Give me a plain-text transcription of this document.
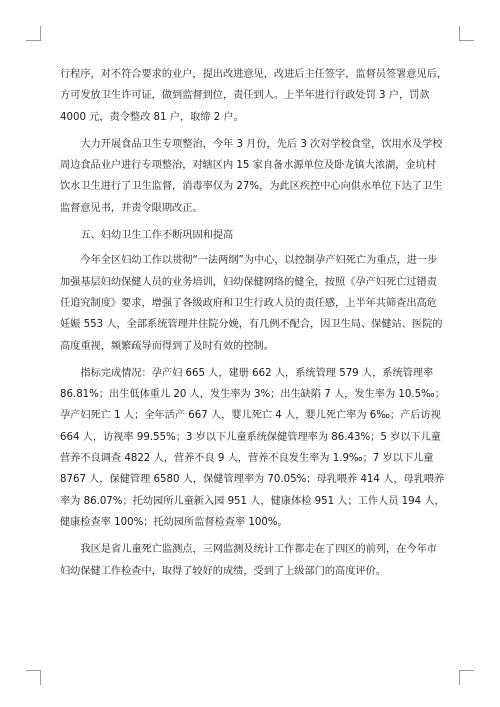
行程序，对不符合要求的业户，提出改进意见，改进后主任签字，监督员签署意见后，
方可发放卫生许可证，做到监督到位，责任到人。上半年进行行政处罚 3 户，罚款
4000 元，责令整改 81 户，取缔 2 户。

大力开展食品卫生专项整治，今年 3 月份，先后 3 次对学校食堂，饮用水及学校
周边食品业户进行专项整治，对辖区内 15 家自备水源单位及卧龙镇大浓湖，金坑村
饮水卫生进行了卫生监督，消毒率仅为 27%，为此区疾控中心向供水单位下达了卫生
监督意见书，并责令限期改正。

五、妇幼卫生工作不断巩固和提高

今年全区妇幼工作以贯彻“一法两纲”为中心，以控制孕产妇死亡为重点，进一步
加强基层妇幼保健人员的业务培训，妇幼保健网络的健全，按照《孕产妇死亡过错责
任追究制度》要求，增强了各级政府和卫生行政人员的责任感，上半年共筛查出高危
妊娠 553 人，全部系统管理并住院分娩，有几例不配合，因卫生局、保健站、医院的
高度重视，频繁疏导而得到了及时有效的控制。

指标完成情况：孕产妇 665 人，建册 662 人，系统管理 579 人，系统管理率
86.81%；出生低体重儿 20 人，发生率为 3%；出生缺陷 7 人，发生率为 10.5‰；
孕产妇死亡 1 人；全年活产 667 人，婴儿死亡 4 人，婴儿死亡率为 6‰；产后访视
664 人，访视率 99.55%；3 岁以下儿童系统保健管理率为 86.43%；5 岁以下儿童
营养不良调查 4822 人，营养不良 9 人，营养不良发生率为 1.9‰；7 岁以下儿童
8767 人，保健管理 6580 人，保健管理率为 70.05%；母乳喂养 414 人，母乳喂养
率为 86.07%；托幼园所儿童新入园 951 人，健康体检 951 人；工作人员 194 人，
健康检查率 100%；托幼园所监督检查率 100%。

我区是省儿童死亡监测点，三网监测及统计工作都走在了四区的前列，在今年市
妇幼保健工作检查中，取得了较好的成绩，受到了上级部门的高度评价。
